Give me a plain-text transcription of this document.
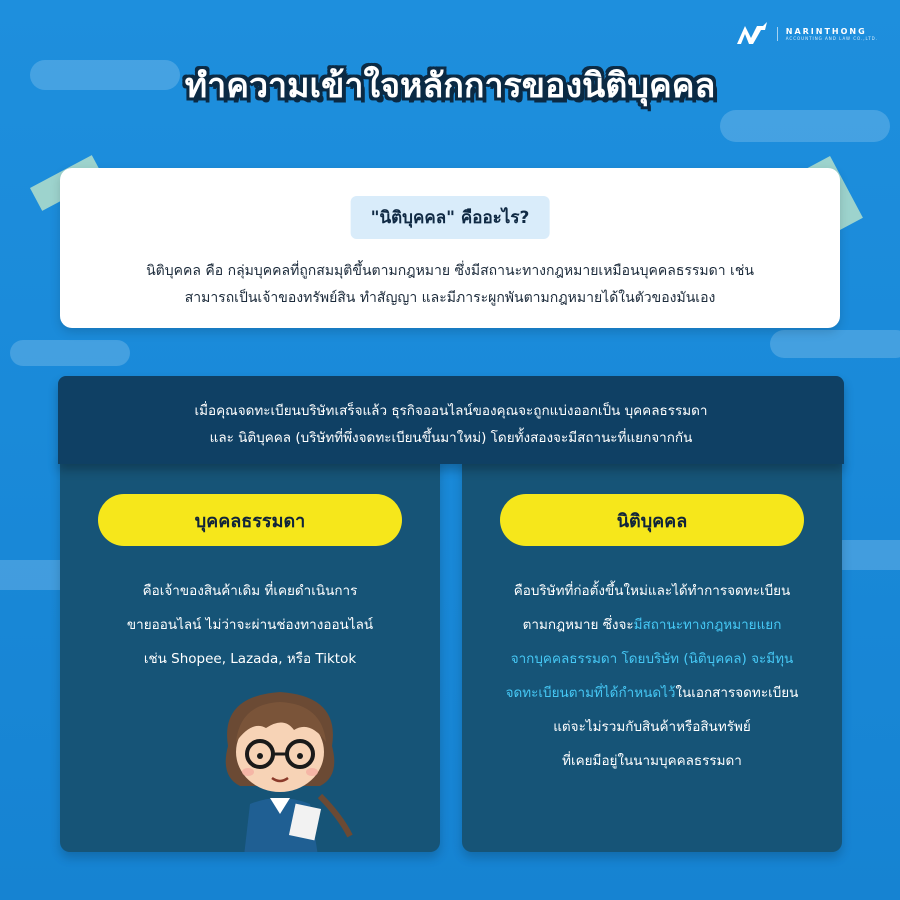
NARINTHONG
ACCOUNTING AND LAW CO.,LTD.
ทำความเข้าใจหลักการของนิติบุคคล
"นิติบุคคล" คืออะไร?
นิติบุคคล คือ กลุ่มบุคคลที่ถูกสมมุติขึ้นตามกฎหมาย ซึ่งมีสถานะทางกฎหมายเหมือนบุคคลธรรมดา เช่น
สามารถเป็นเจ้าของทรัพย์สิน ทำสัญญา และมีภาระผูกพันตามกฎหมายได้ในตัวของมันเอง
เมื่อคุณจดทะเบียนบริษัทเสร็จแล้ว ธุรกิจออนไลน์ของคุณจะถูกแบ่งออกเป็น บุคคลธรรมดา
และ นิติบุคคล (บริษัทที่พึ่งจดทะเบียนขึ้นมาใหม่) โดยทั้งสองจะมีสถานะที่แยกจากกัน
บุคคลธรรมดา
คือเจ้าของสินค้าเดิม ที่เคยดำเนินการ
ขายออนไลน์ ไม่ว่าจะผ่านช่องทางออนไลน์
เช่น Shopee, Lazada, หรือ Tiktok
นิติบุคคล
คือบริษัทที่ก่อตั้งขึ้นใหม่และได้ทำการจดทะเบียน
ตามกฎหมาย ซึ่งจะมีสถานะทางกฎหมายแยก
จากบุคคลธรรมดา โดยบริษัท (นิติบุคคล) จะมีทุน
จดทะเบียนตามที่ได้กำหนดไว้ในเอกสารจดทะเบียน
แต่จะไม่รวมกับสินค้าหรือสินทรัพย์
ที่เคยมีอยู่ในนามบุคคลธรรมดา
